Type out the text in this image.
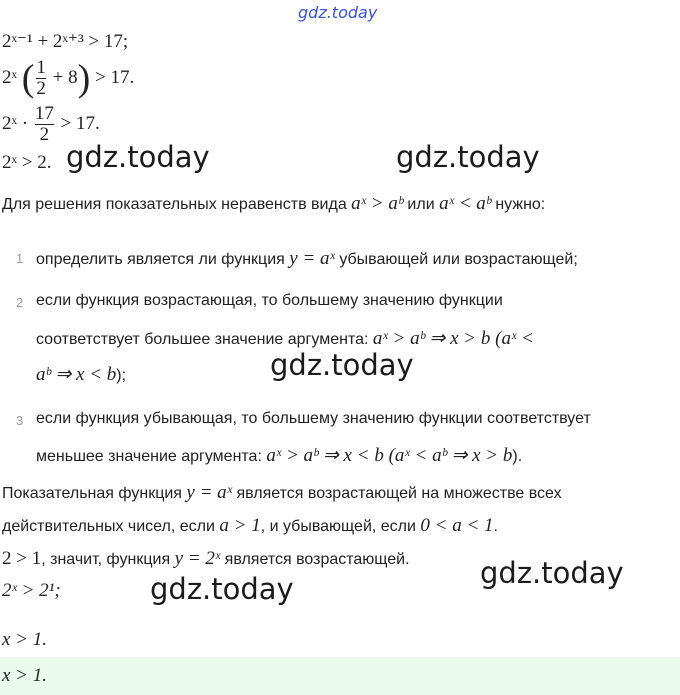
gdz.today
2ˣ⁻¹ + 2ˣ⁺³ > 17;
2ˣ ( $\frac{1}{2} + 8) > 17$.
2ˣ · $\frac{17}{2} > 17$.
2ˣ > 2.
Для решения показательных неравенств вида aˣ > aᵇ или aˣ < aᵇ нужно:
1 определить является ли функция y = aˣ убывающей или возрастающей;
2 если функция возрастающая, то большему значению функции
соответствует большее значение аргумента: aˣ > aᵇ ⇒ x > b (aˣ <
aᵇ ⇒ x < b);
3 если функция убывающая, то большему значению функции соответствует
меньшее значение аргумента: aˣ > aᵇ ⇒ x < b (aˣ < aᵇ ⇒ x > b).
Показательная функция y = aˣ является возрастающей на множестве всех
действительных чисел, если a > 1, и убывающей, если 0 < a < 1.
2 > 1, значит, функция y = 2ˣ является возрастающей.
2ˣ > 2¹;
x > 1.
x > 1.
gdz.today	gdz.today
gdz.today
gdz.today
gdz.today
